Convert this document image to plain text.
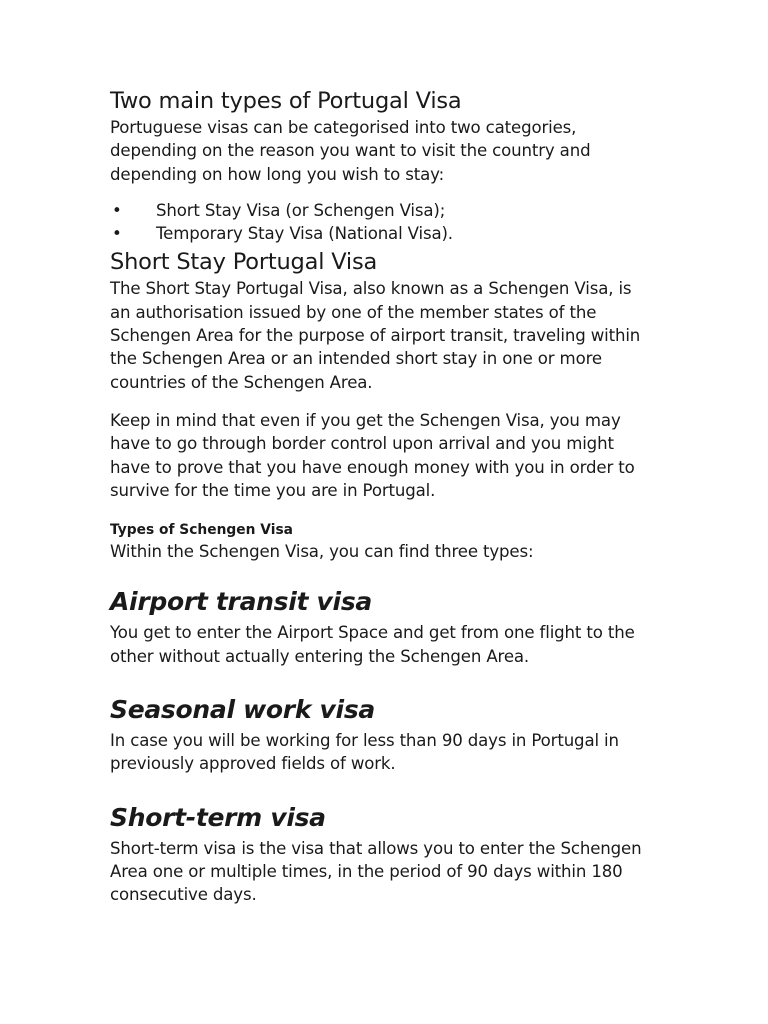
Two main types of Portugal Visa
Portuguese visas can be categorised into two categories,
depending on the reason you want to visit the country and
depending on how long you wish to stay:
• Short Stay Visa (or Schengen Visa);
• Temporary Stay Visa (National Visa).
Short Stay Portugal Visa
The Short Stay Portugal Visa, also known as a Schengen Visa, is
an authorisation issued by one of the member states of the
Schengen Area for the purpose of airport transit, traveling within
the Schengen Area or an intended short stay in one or more
countries of the Schengen Area.
Keep in mind that even if you get the Schengen Visa, you may
have to go through border control upon arrival and you might
have to prove that you have enough money with you in order to
survive for the time you are in Portugal.
Types of Schengen Visa
Within the Schengen Visa, you can find three types:
Airport transit visa
You get to enter the Airport Space and get from one flight to the
other without actually entering the Schengen Area.
Seasonal work visa
In case you will be working for less than 90 days in Portugal in
previously approved fields of work.
Short-term visa
Short-term visa is the visa that allows you to enter the Schengen
Area one or multiple times, in the period of 90 days within 180
consecutive days.
